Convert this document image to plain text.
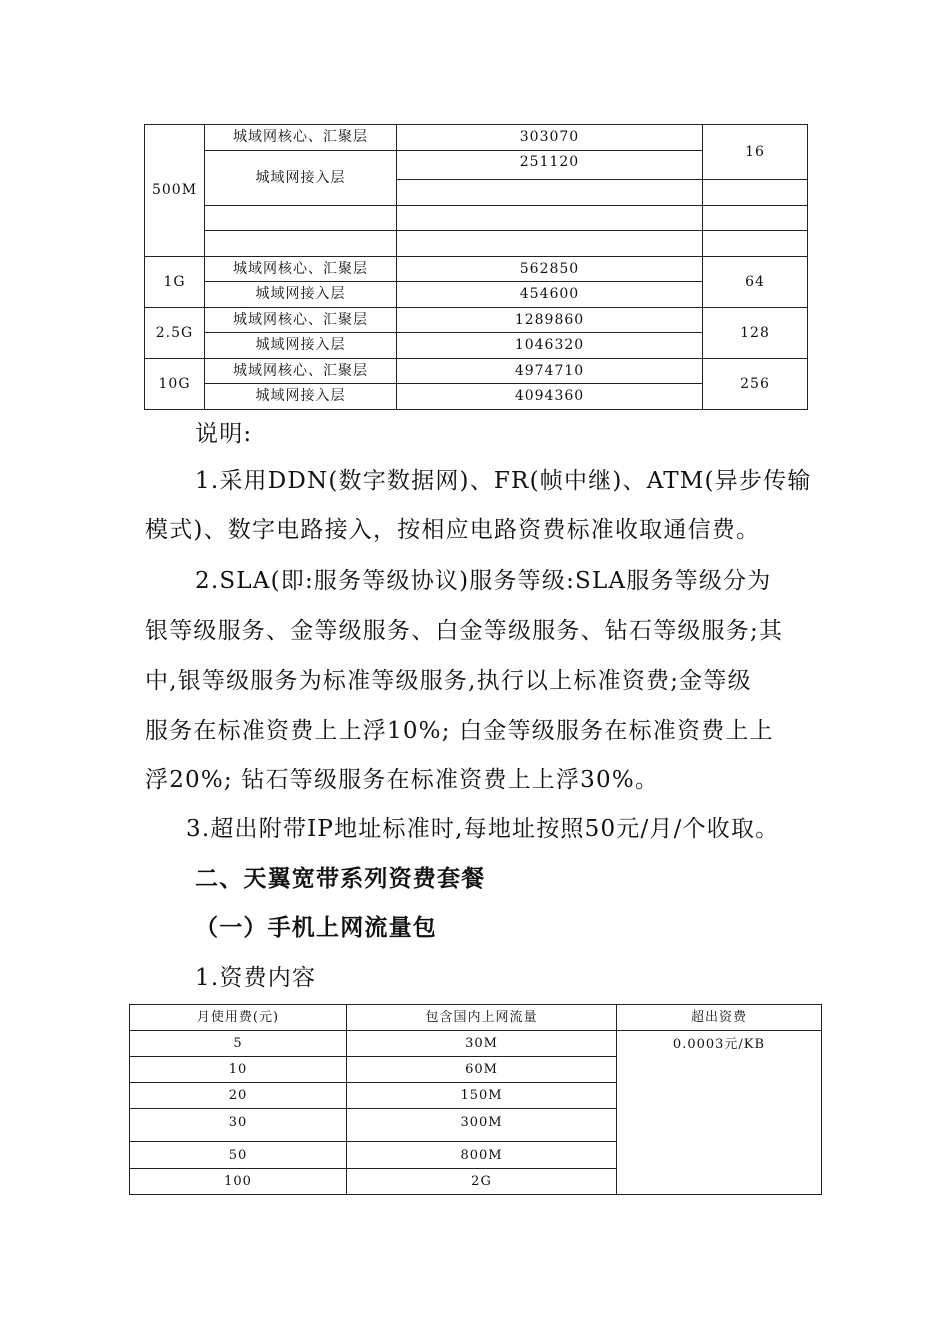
500M	城域网核心、汇聚层	303070	16
	城域网接入层	251120	

1G	城域网核心、汇聚层	562850	64
	城域网接入层	454600	
2.5G	城域网核心、汇聚层	1289860	128
	城域网接入层	1046320	
10G	城域网核心、汇聚层	4974710	256
	城域网接入层	4094360	
说明:
1.采用DDN(数字数据网)、FR(帧中继)、ATM(异步传输
模式)、数字电路接入，按相应电路资费标准收取通信费。
2.SLA(即:服务等级协议)服务等级:SLA服务等级分为
银等级服务、金等级服务、白金等级服务、钻石等级服务;其
中,银等级服务为标准等级服务,执行以上标准资费;金等级
服务在标准资费上上浮10%; 白金等级服务在标准资费上上
浮20%; 钻石等级服务在标准资费上上浮30%。
3.超出附带IP地址标准时,每地址按照50元/月/个收取。
二、天翼宽带系列资费套餐
（一）手机上网流量包
1.资费内容
月使用费(元)	包含国内上网流量	超出资费
5	30M	0.0003元/KB
10	60M	
20	150M	
30	300M	
50	800M	
100	2G	
